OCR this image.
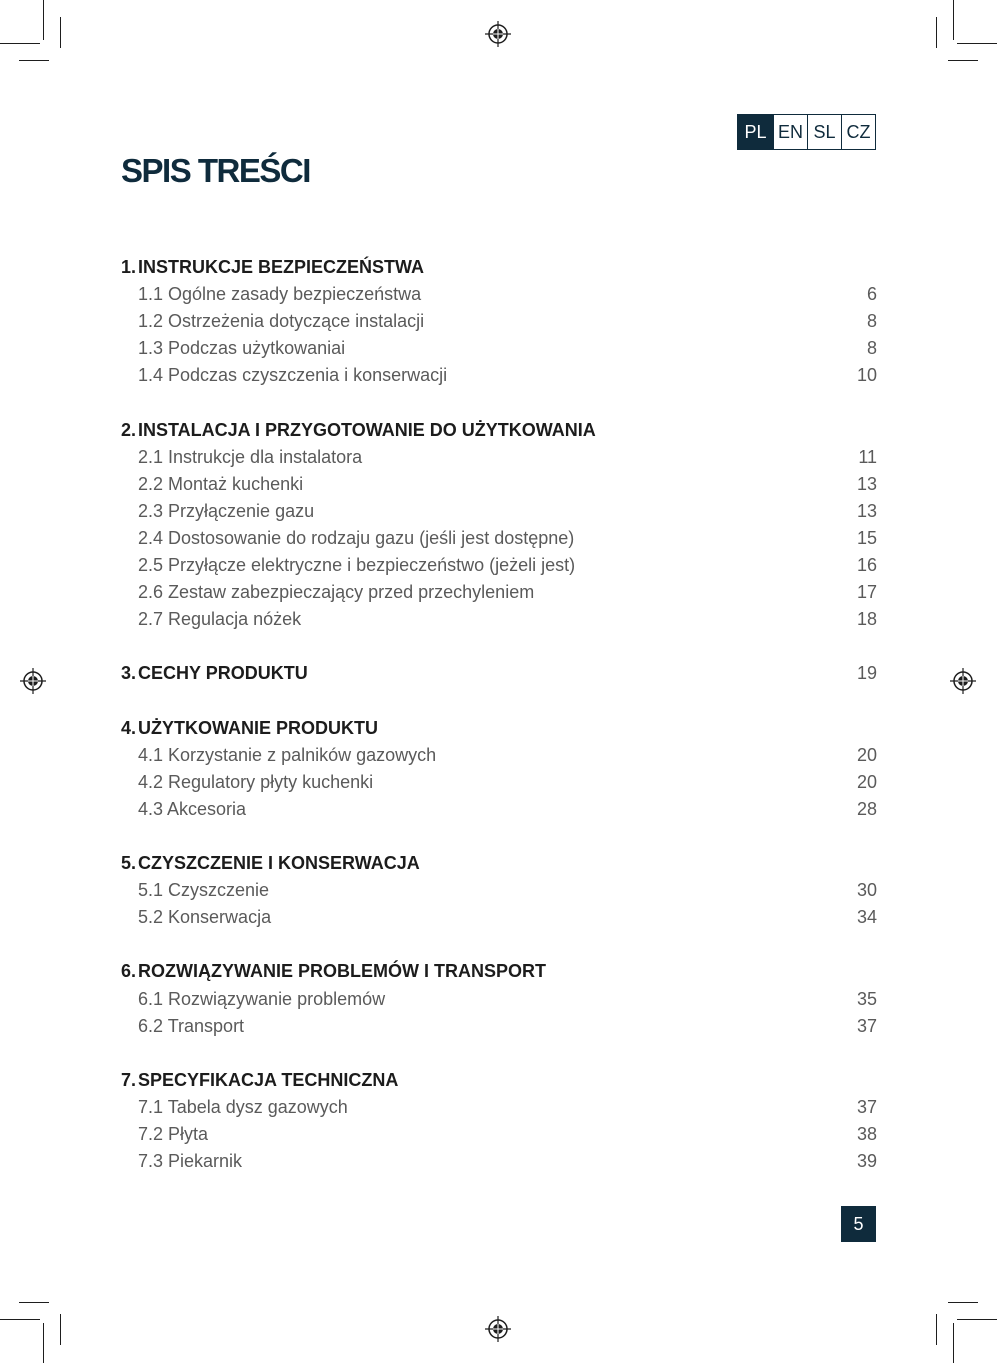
PL EN SL CZ
SPIS TREŚCI
1. INSTRUKCJE BEZPIECZEŃSTWA
1.1 Ogólne zasady bezpieczeństwa	6
1.2 Ostrzeżenia dotyczące instalacji	8
1.3 Podczas użytkowaniai	8
1.4 Podczas czyszczenia i konserwacji	10
2. INSTALACJA I PRZYGOTOWANIE DO UŻYTKOWANIA
2.1 Instrukcje dla instalatora	11
2.2 Montaż kuchenki	13
2.3 Przyłączenie gazu	13
2.4 Dostosowanie do rodzaju gazu (jeśli jest dostępne)	15
2.5 Przyłącze elektryczne i bezpieczeństwo (jeżeli jest)	16
2.6 Zestaw zabezpieczający przed przechyleniem	17
2.7 Regulacja nóżek	18
3. CECHY PRODUKTU	19
4. UŻYTKOWANIE PRODUKTU
4.1 Korzystanie z palników gazowych	20
4.2 Regulatory płyty kuchenki	20
4.3 Akcesoria	28
5. CZYSZCZENIE I KONSERWACJA
5.1 Czyszczenie	30
5.2 Konserwacja	34
6. ROZWIĄZYWANIE PROBLEMÓW I TRANSPORT
6.1 Rozwiązywanie problemów	35
6.2 Transport	37
7. SPECYFIKACJA TECHNICZNA
7.1 Tabela dysz gazowych	37
7.2 Płyta	38
7.3 Piekarnik	39
5
